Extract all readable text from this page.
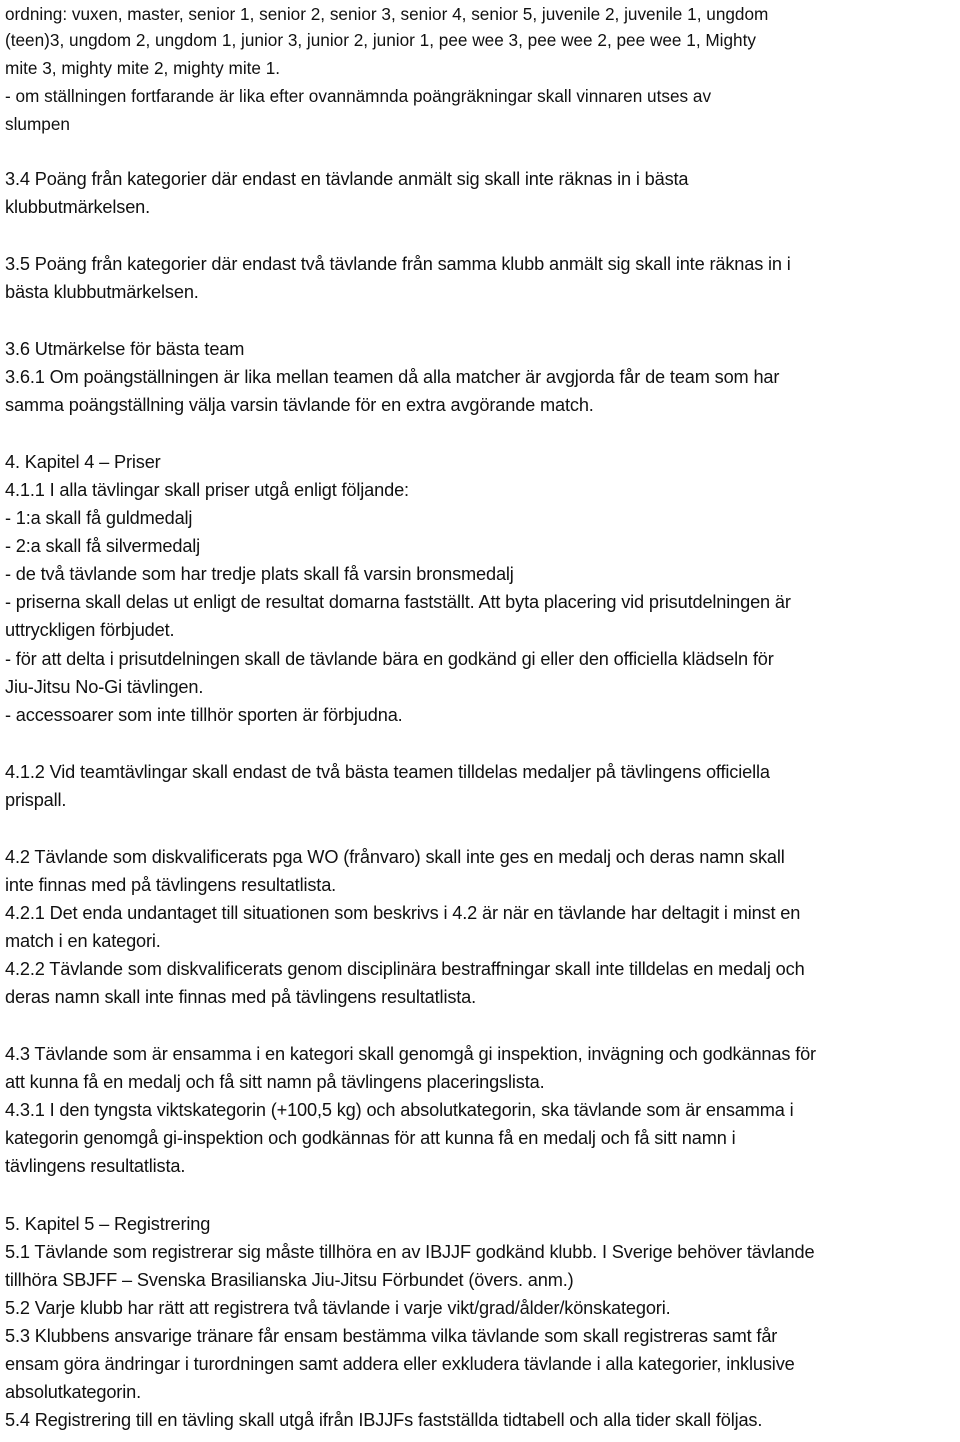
ordning: vuxen, master, senior 1, senior 2, senior 3, senior 4, senior 5, juvenile 2, juvenile 1, ungdom
(teen)3, ungdom 2, ungdom 1, junior 3, junior 2, junior 1, pee wee 3, pee wee 2, pee wee 1, Mighty
mite 3, mighty mite 2, mighty mite 1.
- om ställningen fortfarande är lika efter ovannämnda poängräkningar skall vinnaren utses av
slumpen
3.4 Poäng från kategorier där endast en tävlande anmält sig skall inte räknas in i bästa
klubbutmärkelsen.
3.5 Poäng från kategorier där endast två tävlande från samma klubb anmält sig skall inte räknas in i
bästa klubbutmärkelsen.
3.6 Utmärkelse för bästa team
3.6.1 Om poängställningen är lika mellan teamen då alla matcher är avgjorda får de team som har
samma poängställning välja varsin tävlande för en extra avgörande match.
4. Kapitel 4 – Priser
4.1.1 I alla tävlingar skall priser utgå enligt följande:
- 1:a skall få guldmedalj
- 2:a skall få silvermedalj
- de två tävlande som har tredje plats skall få varsin bronsmedalj
- priserna skall delas ut enligt de resultat domarna fastställt. Att byta placering vid prisutdelningen är
uttryckligen förbjudet.
- för att delta i prisutdelningen skall de tävlande bära en godkänd gi eller den officiella klädseln för
Jiu-Jitsu No-Gi tävlingen.
- accessoarer som inte tillhör sporten är förbjudna.
4.1.2 Vid teamtävlingar skall endast de två bästa teamen tilldelas medaljer på tävlingens officiella
prispall.
4.2 Tävlande som diskvalificerats pga WO (frånvaro) skall inte ges en medalj och deras namn skall
inte finnas med på tävlingens resultatlista.
4.2.1 Det enda undantaget till situationen som beskrivs i 4.2 är när en tävlande har deltagit i minst en
match i en kategori.
4.2.2 Tävlande som diskvalificerats genom disciplinära bestraffningar skall inte tilldelas en medalj och
deras namn skall inte finnas med på tävlingens resultatlista.
4.3 Tävlande som är ensamma i en kategori skall genomgå gi inspektion, invägning och godkännas för
att kunna få en medalj och få sitt namn på tävlingens placeringslista.
4.3.1 I den tyngsta viktskategorin (+100,5 kg) och absolutkategorin, ska tävlande som är ensamma i
kategorin genomgå gi-inspektion och godkännas för att kunna få en medalj och få sitt namn i
tävlingens resultatlista.
5. Kapitel 5 – Registrering
5.1 Tävlande som registrerar sig måste tillhöra en av IBJJF godkänd klubb. I Sverige behöver tävlande
tillhöra SBJFF – Svenska Brasilianska Jiu-Jitsu Förbundet (övers. anm.)
5.2 Varje klubb har rätt att registrera två tävlande i varje vikt/grad/ålder/könskategori.
5.3 Klubbens ansvarige tränare får ensam bestämma vilka tävlande som skall registreras samt får
ensam göra ändringar i turordningen samt addera eller exkludera tävlande i alla kategorier, inklusive
absolutkategorin.
5.4 Registrering till en tävling skall utgå ifrån IBJJFs fastställda tidtabell och alla tider skall följas.
